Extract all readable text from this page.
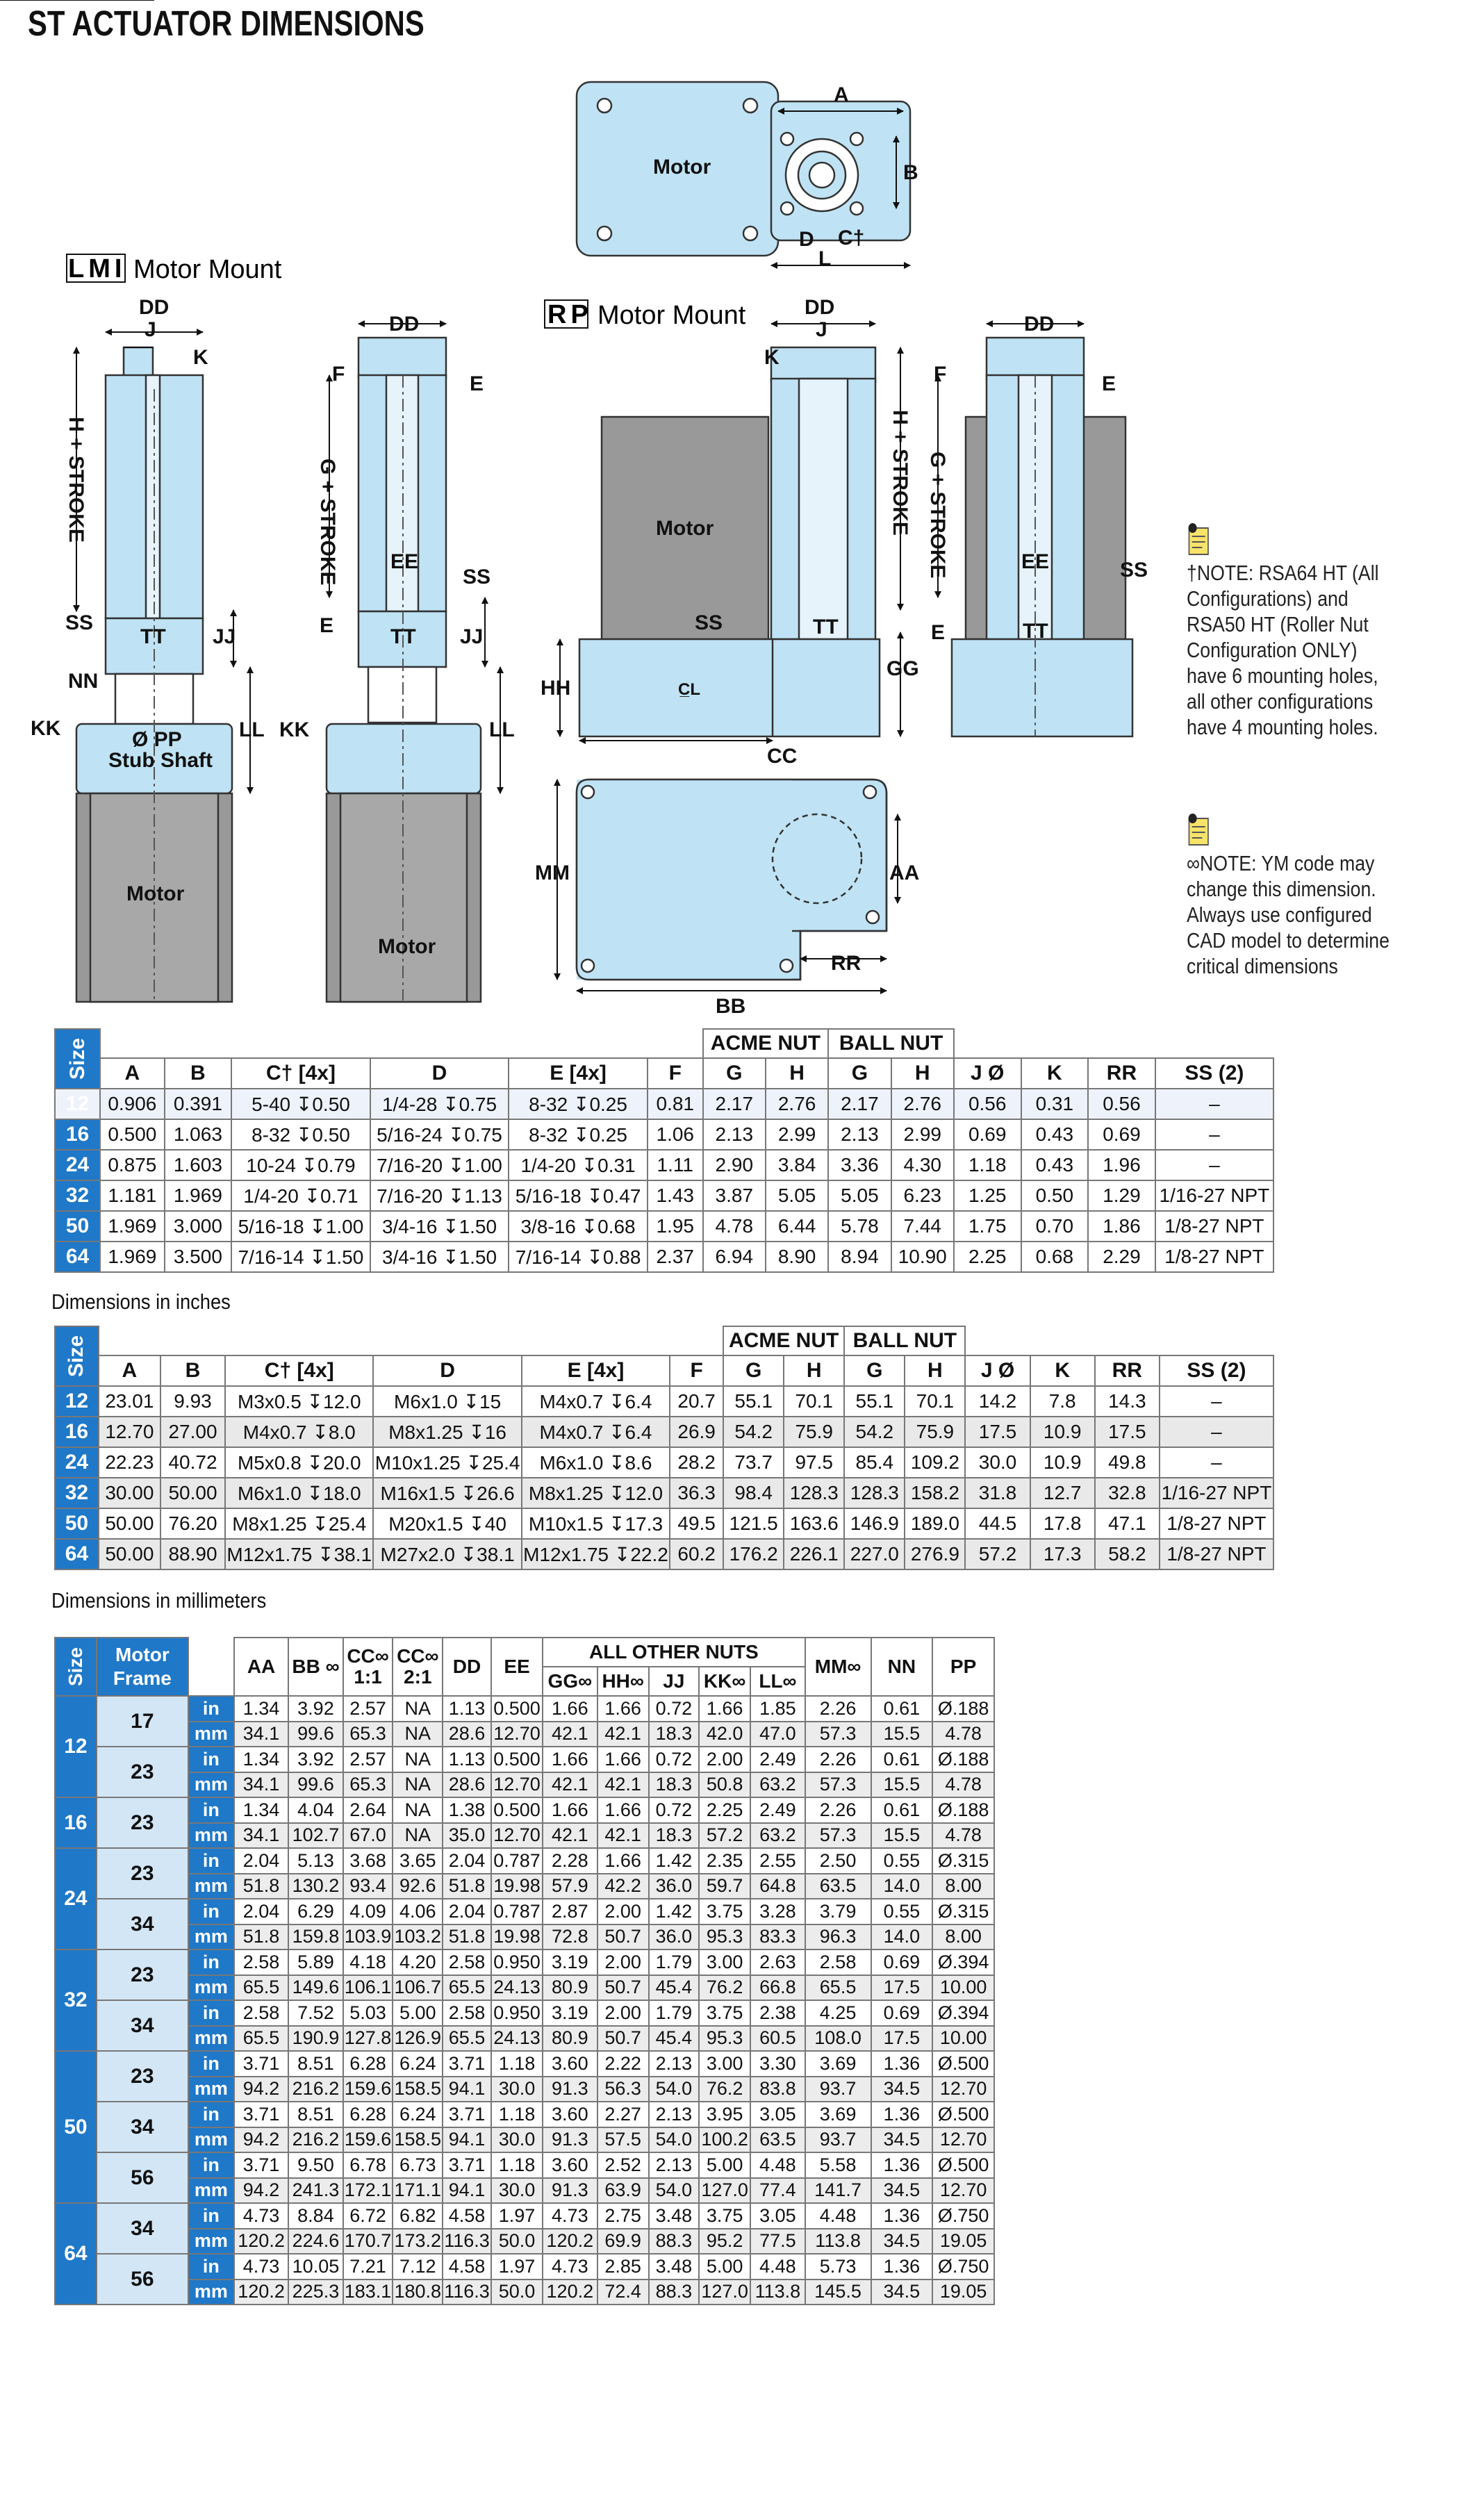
ST ACTUATOR DIMENSIONS
Motor
A
B
D C†
L
DD
J
K
SS
TT JJ
NN
KK	Ø PP
Stub Shaft
LL
Motor
DD
F	E
EE
SS
E	TT JJ
KK	LL
Motor
Motor
DD
J
K
SS	TT
HH
GG
C̲L
CC
DD
F	E
EE	SS
E	TT
MM	AA
RR
BB
H + STROKE	G + STROKE	H + STROKE G + STROKE
LMI Motor Mount
RP Motor Mount
†NOTE: RSA64 HT (All Configurations) and RSA50 HT (Roller Nut Configuration ONLY) have 6 mounting holes, all other configurations have 4 mounting holes.
∞NOTE: YM code may change this dimension. Always use configured CAD model to determine critical dimensions
Size							ACME NUT		BALL NUT					
	A	B	C† [4x]	D	E [4x]	F	G	H	G	H	J Ø	K	RR	SS (2)
12	0.906	0.391	5-40 ↧0.50	1/4-28 ↧0.75	8-32 ↧0.25	0.81	2.17	2.76	2.17	2.76	0.56	0.31	0.56	–
16	0.500	1.063	8-32 ↧0.50	5/16-24 ↧0.75	8-32 ↧0.25	1.06	2.13	2.99	2.13	2.99	0.69	0.43	0.69	–
24	0.875	1.603	10-24 ↧0.79	7/16-20 ↧1.00	1/4-20 ↧0.31	1.11	2.90	3.84	3.36	4.30	1.18	0.43	1.96	–
32	1.181	1.969	1/4-20 ↧0.71	7/16-20 ↧1.13	5/16-18 ↧0.47	1.43	3.87	5.05	5.05	6.23	1.25	0.50	1.29	1/16-27 NPT
50	1.969	3.000	5/16-18 ↧1.00	3/4-16 ↧1.50	3/8-16 ↧0.68	1.95	4.78	6.44	5.78	7.44	1.75	0.70	1.86	1/8-27 NPT
64	1.969	3.500	7/16-14 ↧1.50	3/4-16 ↧1.50	7/16-14 ↧0.88	2.37	6.94	8.90	8.94	10.90	2.25	0.68	2.29	1/8-27 NPT
Dimensions in inches
Size							ACME NUT		BALL NUT					
	A	B	C† [4x]	D	E [4x]	F	G	H	G	H	J Ø	K	RR	SS (2)
12	23.01	9.93	M3x0.5 ↧12.0	M6x1.0 ↧15	M4x0.7 ↧6.4	20.7	55.1	70.1	55.1	70.1	14.2	7.8	14.3	–
16	12.70	27.00	M4x0.7 ↧8.0	M8x1.25 ↧16	M4x0.7 ↧6.4	26.9	54.2	75.9	54.2	75.9	17.5	10.9	17.5	–
24	22.23	40.72	M5x0.8 ↧20.0	M10x1.25 ↧25.4	M6x1.0 ↧8.6	28.2	73.7	97.5	85.4	109.2	30.0	10.9	49.8	–
32	30.00	50.00	M6x1.0 ↧18.0	M16x1.5 ↧26.6	M8x1.25 ↧12.0	36.3	98.4	128.3	128.3	158.2	31.8	12.7	32.8	1/16-27 NPT
50	50.00	76.20	M8x1.25 ↧25.4	M20x1.5 ↧40	M10x1.5 ↧17.3	49.5	121.5	163.6	146.9	189.0	44.5	17.8	47.1	1/8-27 NPT
64	50.00	88.90	M12x1.75 ↧38.1	M27x2.0 ↧38.1	M12x1.75 ↧22.2	60.2	176.2	226.1	227.0	276.9	57.2	17.3	58.2	1/8-27 NPT
Dimensions in millimeters
Size	Motor Frame		AA	BB ∞	CC∞ 1:1	CC∞ 2:1	DD	EE	ALL OTHER NUTS					MM∞	NN	PP
									GG∞	HH∞	JJ	KK∞	LL∞			
12	17	in	1.34	3.92	2.57	NA	1.13	0.500	1.66	1.66	0.72	1.66	1.85	2.26	0.61	Ø.188
		mm	34.1	99.6	65.3	NA	28.6	12.70	42.1	42.1	18.3	42.0	47.0	57.3	15.5	4.78
	23	in	1.34	3.92	2.57	NA	1.13	0.500	1.66	1.66	0.72	2.00	2.49	2.26	0.61	Ø.188
		mm	34.1	99.6	65.3	NA	28.6	12.70	42.1	42.1	18.3	50.8	63.2	57.3	15.5	4.78
16	23	in	1.34	4.04	2.64	NA	1.38	0.500	1.66	1.66	0.72	2.25	2.49	2.26	0.61	Ø.188
		mm	34.1	102.7	67.0	NA	35.0	12.70	42.1	42.1	18.3	57.2	63.2	57.3	15.5	4.78
24	23	in	2.04	5.13	3.68	3.65	2.04	0.787	2.28	1.66	1.42	2.35	2.55	2.50	0.55	Ø.315
		mm	51.8	130.2	93.4	92.6	51.8	19.98	57.9	42.2	36.0	59.7	64.8	63.5	14.0	8.00
	34	in	2.04	6.29	4.09	4.06	2.04	0.787	2.87	2.00	1.42	3.75	3.28	3.79	0.55	Ø.315
		mm	51.8	159.8	103.9	103.2	51.8	19.98	72.8	50.7	36.0	95.3	83.3	96.3	14.0	8.00
32	23	in	2.58	5.89	4.18	4.20	2.58	0.950	3.19	2.00	1.79	3.00	2.63	2.58	0.69	Ø.394
		mm	65.5	149.6	106.1	106.7	65.5	24.13	80.9	50.7	45.4	76.2	66.8	65.5	17.5	10.00
	34	in	2.58	7.52	5.03	5.00	2.58	0.950	3.19	2.00	1.79	3.75	2.38	4.25	0.69	Ø.394
		mm	65.5	190.9	127.8	126.9	65.5	24.13	80.9	50.7	45.4	95.3	60.5	108.0	17.5	10.00
50	23	in	3.71	8.51	6.28	6.24	3.71	1.18	3.60	2.22	2.13	3.00	3.30	3.69	1.36	Ø.500
		mm	94.2	216.2	159.6	158.5	94.1	30.0	91.3	56.3	54.0	76.2	83.8	93.7	34.5	12.70
	34	in	3.71	8.51	6.28	6.24	3.71	1.18	3.60	2.27	2.13	3.95	3.05	3.69	1.36	Ø.500
		mm	94.2	216.2	159.6	158.5	94.1	30.0	91.3	57.5	54.0	100.2	63.5	93.7	34.5	12.70
	56	in	3.71	9.50	6.78	6.73	3.71	1.18	3.60	2.52	2.13	5.00	4.48	5.58	1.36	Ø.500
		mm	94.2	241.3	172.1	171.1	94.1	30.0	91.3	63.9	54.0	127.0	77.4	141.7	34.5	12.70
64	34	in	4.73	8.84	6.72	6.82	4.58	1.97	4.73	2.75	3.48	3.75	3.05	4.48	1.36	Ø.750
		mm	120.2	224.6	170.7	173.2	116.3	50.0	120.2	69.9	88.3	95.2	77.5	113.8	34.5	19.05
	56	in	4.73	10.05	7.21	7.12	4.58	1.97	4.73	2.85	3.48	5.00	4.48	5.73	1.36	Ø.750
		mm	120.2	225.3	183.1	180.8	116.3	50.0	120.2	72.4	88.3	127.0	113.8	145.5	34.5	19.05
